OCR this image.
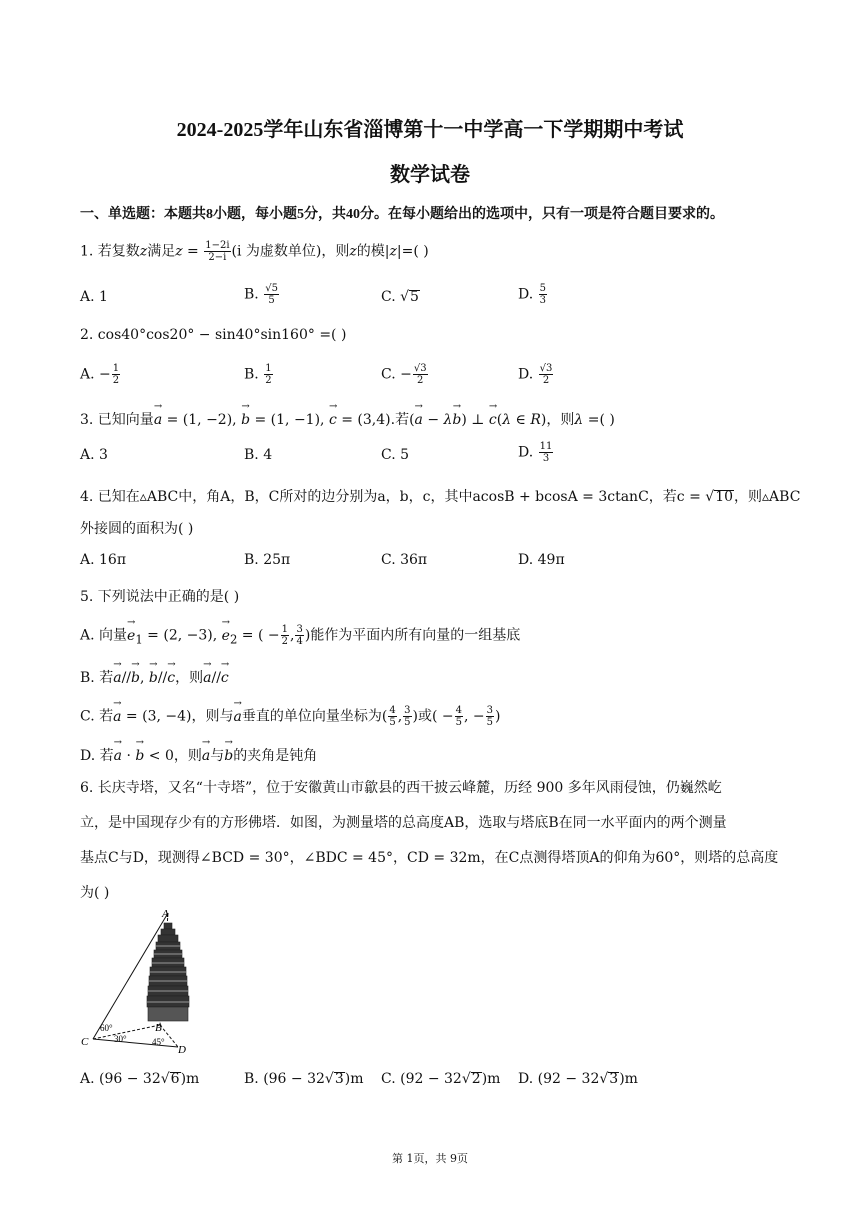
2024-2025学年山东省淄博第十一中学高一下学期期中考试
数学试卷
一、单选题：本题共8小题，每小题5分，共40分。在每小题给出的选项中，只有一项是符合题目要求的。
1. 若复数z满足$z = \frac{1-2i}{2-i} (i$ 为虚数单位)，则z的模|z|=( )
A. 1	B. $\frac{√5}{5}$	C. √5	D. $\frac{5}{3}$
2. cos40°cos20° − sin40°sin160° =( )
A. − $\frac{1}{2}$	B. $\frac{1}{2}$	C. − $\frac{√3}{2}$	D. $\frac{√3}{2}$
3. 已知向量→ a = (1, −2), → b = (1, −1), → c = (3,4).若(→ a − λ→ b) ⊥ → c(λ ∈ R)，则λ =( )
A. 3	B. 4	C. 5	D. $\frac{11}{3}$
4. 已知在▵ABC中，角A，B，C所对的边分别为a，b，c，其中acosB + bcosA = 3ctanC，若c = √10，则▵ABC
外接圆的面积为( )
A. 16π	B. 25π	C. 36π	D. 49π
5. 下列说法中正确的是( )
A. 向量→ $e_1 = (2$, −3), → $e_2$ = ( − $\frac{1}{2}$ , $\frac{3}{4}$ )能作为平面内所有向量的一组基底
B. 若→ a//→ b, → b//→ c，则→ a//→ c
C. 若→ a = (3, −4)，则与→ a垂直的单位向量坐标为( $\frac{4}{5}$ , $\frac{3}{5}$ )或( − $\frac{4}{5}$ , − $\frac{3}{5}$ )
D. 若→ a · → b < 0，则→ a与→ b的夹角是钝角
6. 长庆寺塔，又名“十寺塔”，位于安徽黄山市歙县的西干披云峰麓，历经 900 多年风雨侵蚀，仍巍然屹
立，是中国现存少有的方形佛塔．如图，为测量塔的总高度AB，选取与塔底B在同一水平面内的两个测量
基点C与D，现测得∠BCD = 30°，∠BDC = 45°，CD = 32m，在C点测得塔顶A的仰角为60°，则塔的总高度
为( )
A
B
C
D
60°
30°	45°
A. (96 − 32√6)m	B. (96 − 32√3)m C. (92 − 32√2)m D. (92 − 32√3)m
第 1页，共 9页
